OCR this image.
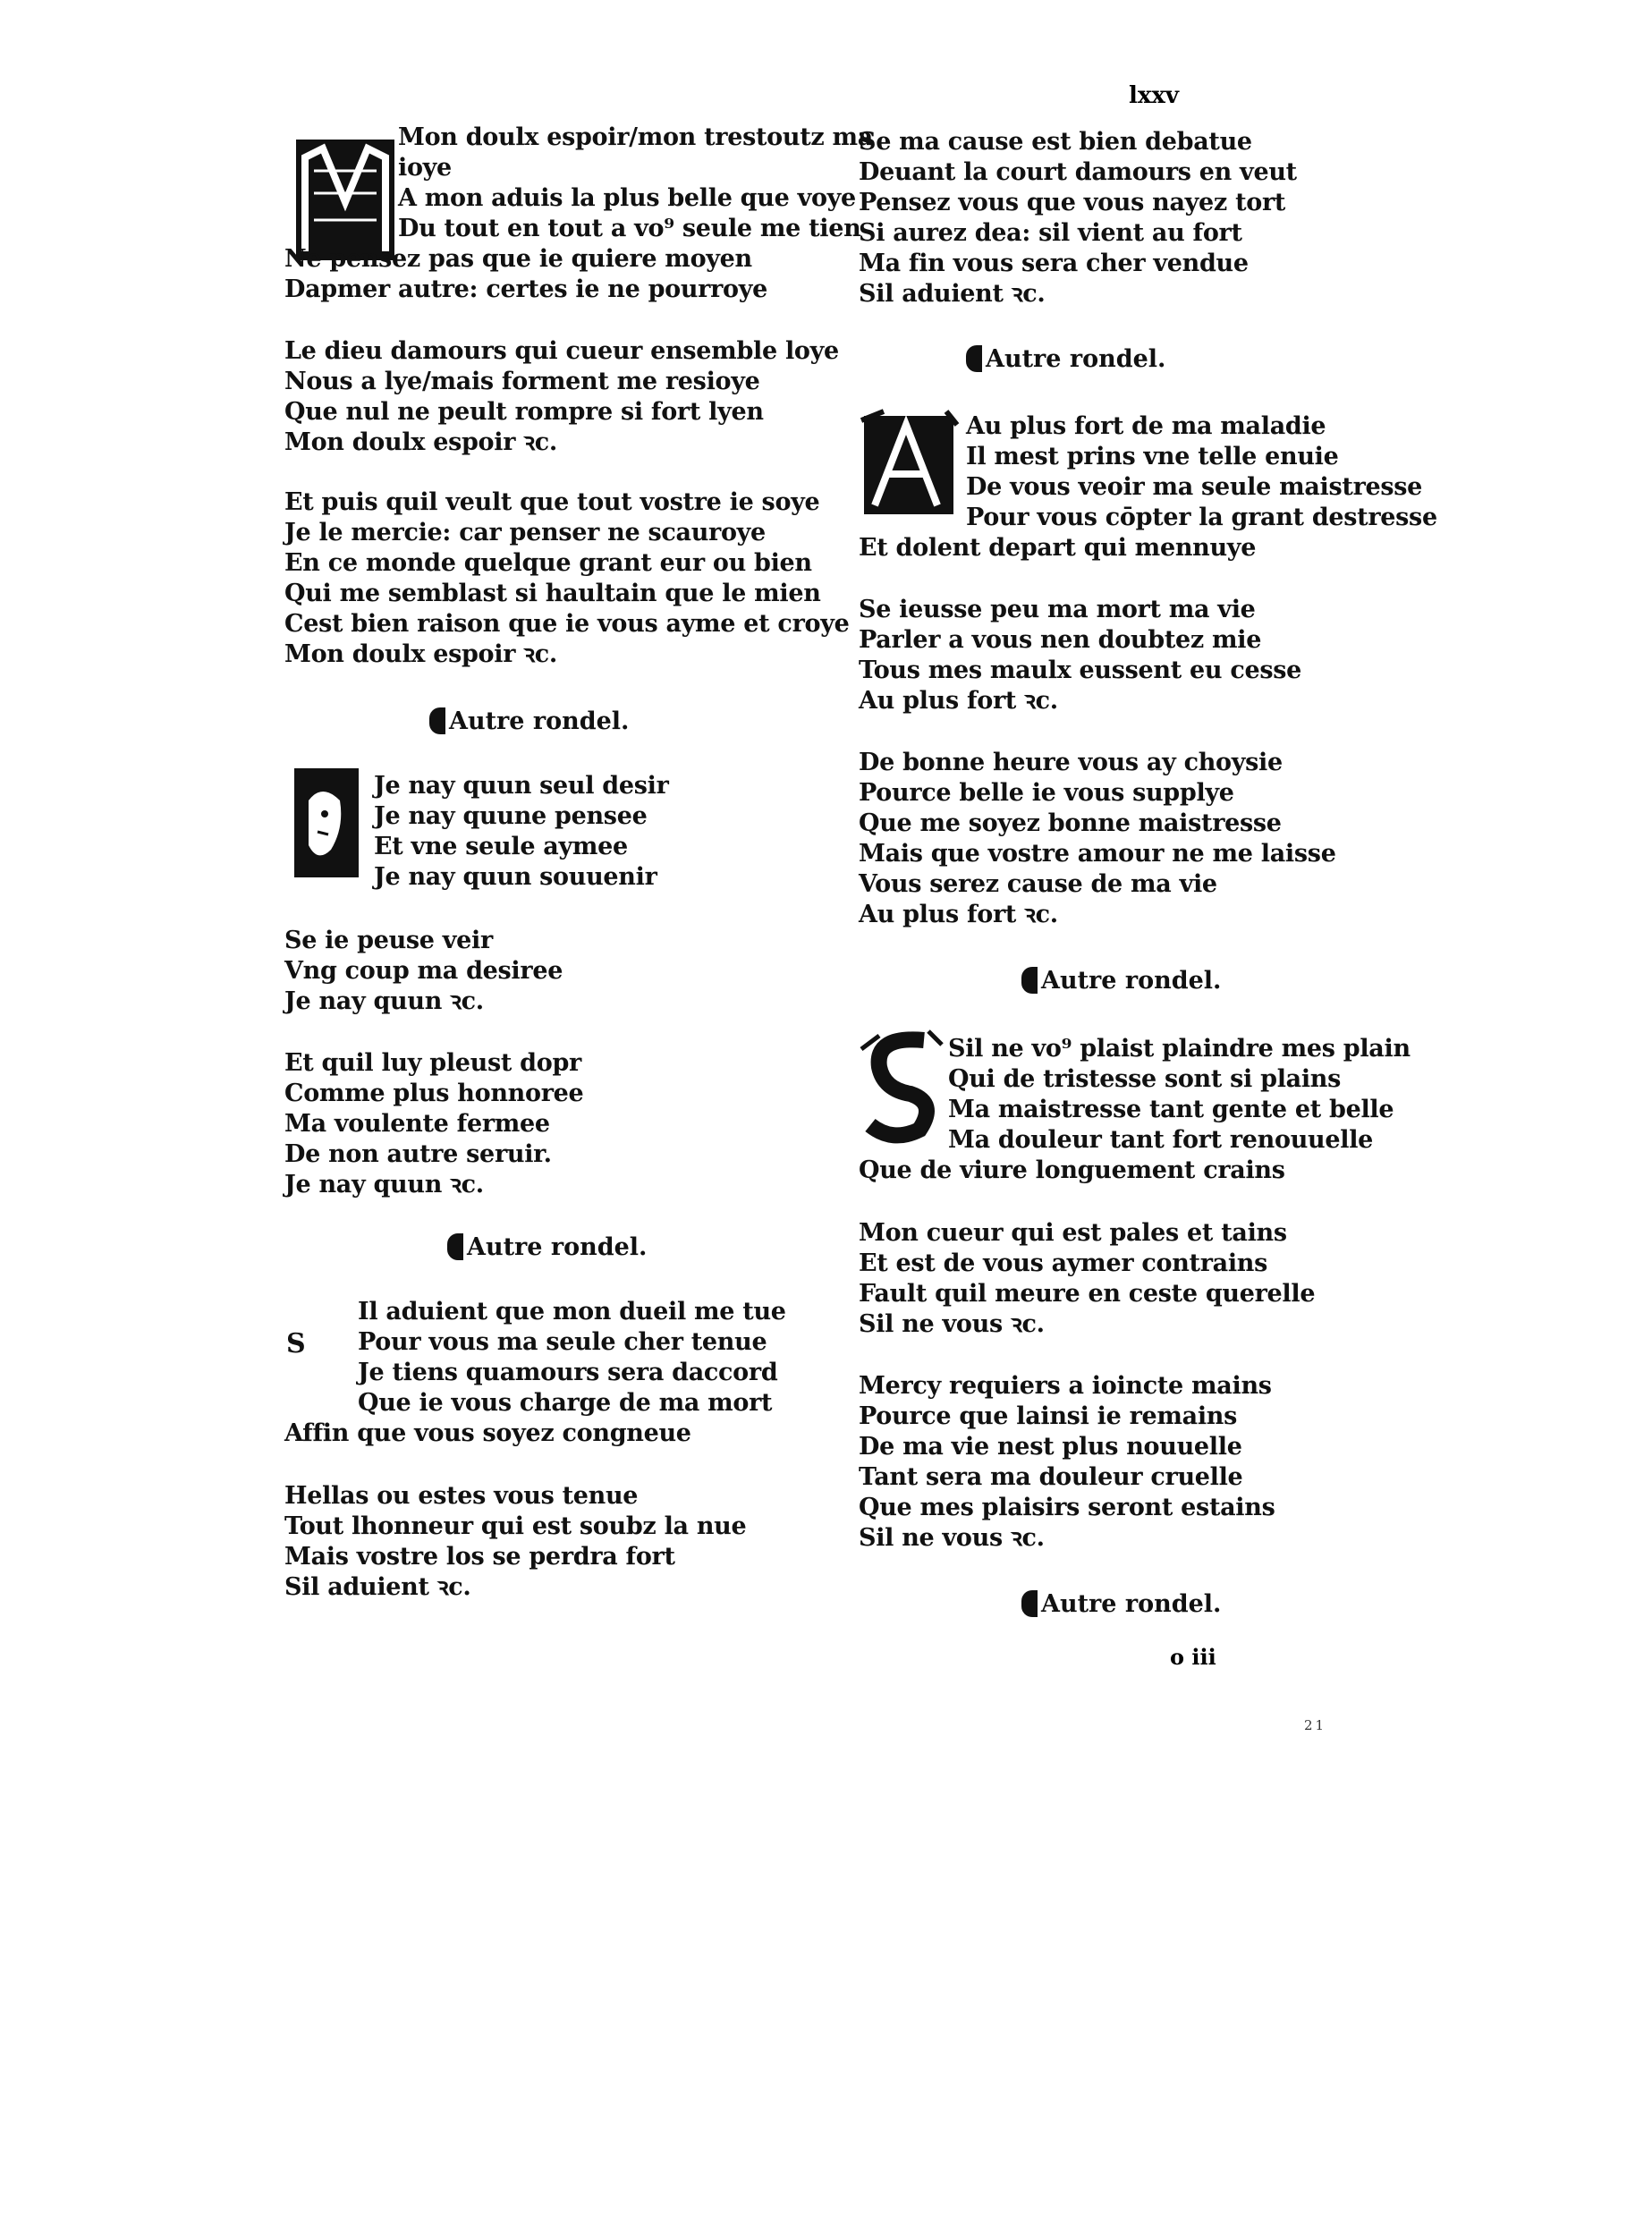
lxxv
Mon doulx espoir/mon trestoutz ma
ioye
A mon aduis la plus belle que voye
Du tout en tout a vo⁹ seule me tien
Ne pensez pas que ie quiere moyen
Dapmer autre: certes ie ne pourroye
Le dieu damours qui cueur ensemble loye
Nous a lye/mais forment me resioye
Que nul ne peult rompre si fort lyen
Mon doulx espoir ꝛc.
Et puis quil veult que tout vostre ie soye
Je le mercie: car penser ne scauroye
En ce monde quelque grant eur ou bien
Qui me semblast si haultain que le mien
Cest bien raison que ie vous ayme et croye
Mon doulx espoir ꝛc.
Autre rondel.
Je nay quun seul desir
Je nay quune pensee
Et vne seule aymee
Je nay quun souuenir
Se ie peuse veir
Vng coup ma desiree
Je nay quun ꝛc.
Et quil luy pleust dopr
Comme plus honnoree
Ma voulente fermee
De non autre seruir.
Je nay quun ꝛc.
Autre rondel.
S
Il aduient que mon dueil me tue
Pour vous ma seule cher tenue
Je tiens quamours sera daccord
Que ie vous charge de ma mort
Affin que vous soyez congneue
Hellas ou estes vous tenue
Tout lhonneur qui est soubz la nue
Mais vostre los se perdra fort
Sil aduient ꝛc.
Se ma cause est bien debatue
Deuant la court damours en veut
Pensez vous que vous nayez tort
Si aurez dea: sil vient au fort
Ma fin vous sera cher vendue
Sil aduient ꝛc.
Autre rondel.
Au plus fort de ma maladie
Il mest prins vne telle enuie
De vous veoir ma seule maistresse
Pour vous cōpter la grant destresse
Et dolent depart qui mennuye
Se ieusse peu ma mort ma vie
Parler a vous nen doubtez mie
Tous mes maulx eussent eu cesse
Au plus fort ꝛc.
De bonne heure vous ay choysie
Pource belle ie vous supplye
Que me soyez bonne maistresse
Mais que vostre amour ne me laisse
Vous serez cause de ma vie
Au plus fort ꝛc.
Autre rondel.
Sil ne vo⁹ plaist plaindre mes plain
Qui de tristesse sont si plains
Ma maistresse tant gente et belle
Ma douleur tant fort renouuelle
Que de viure longuement crains
Mon cueur qui est pales et tains
Et est de vous aymer contrains
Fault quil meure en ceste querelle
Sil ne vous ꝛc.
Mercy requiers a ioincte mains
Pource que lainsi ie remains
De ma vie nest plus nouuelle
Tant sera ma douleur cruelle
Que mes plaisirs seront estains
Sil ne vous ꝛc.
Autre rondel.
o iii
21
